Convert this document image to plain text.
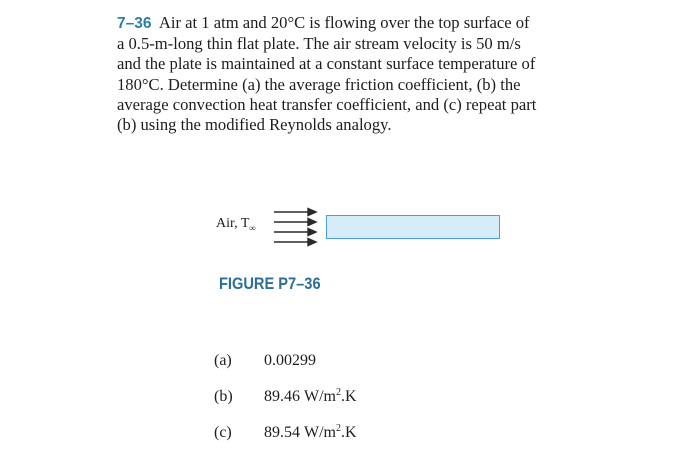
7–36 Air at 1 atm and 20°C is flowing over the top surface of
a 0.5-m-long thin flat plate. The air stream velocity is 50 m/s
and the plate is maintained at a constant surface temperature of
180°C. Determine (a) the average friction coefficient, (b) the
average convection heat transfer coefficient, and (c) repeat part
(b) using the modified Reynolds analogy.
Air, $T_\infty$
FIGURE P7–36
(a)	0.00299
(b)	89.46 $W/m^2.K$
(c)	89.54 $W/m^2.K$
